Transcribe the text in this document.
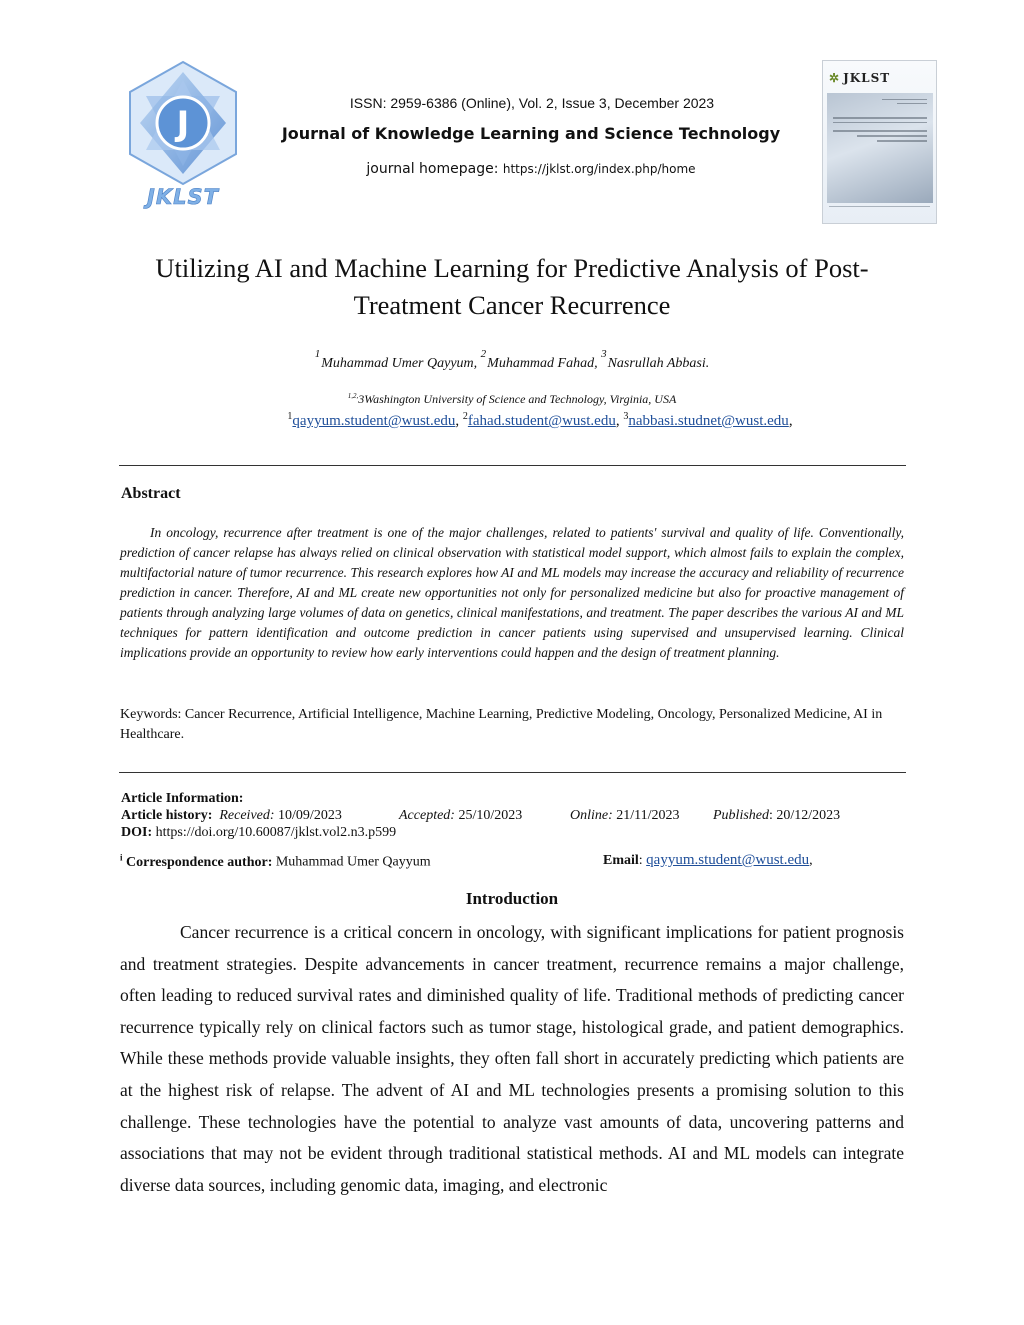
J
JKLST
ISSN: 2959-6386 (Online), Vol. 2, Issue 3, December 2023
Journal of Knowledge Learning and Science Technology
journal homepage: https://jklst.org/index.php/home
✲ JKLST
Utilizing AI and Machine Learning for Predictive Analysis of Post-
Treatment Cancer Recurrence
$^1$Muhammad Umer Qayyum, $^2$Muhammad Fahad, $^3$Nasrullah Abbasi.
$^{1,2,}$3Washington University of Science and Technology, Virginia, USA
$^1$qayyum.student@wust.edu, $^2$fahad.student@wust.edu, $^3$nabbasi.studnet@wust.edu,
Abstract
In oncology, recurrence after treatment is one of the major challenges, related to patients' survival and quality of life. Conventionally, prediction of cancer relapse has always relied on clinical observation with statistical model support, which almost fails to explain the complex, multifactorial nature of tumor recurrence. This research explores how AI and ML models may increase the accuracy and reliability of recurrence prediction in cancer. Therefore, AI and ML create new opportunities not only for personalized medicine but also for proactive management of patients through analyzing large volumes of data on genetics, clinical manifestations, and treatment. The paper describes the various AI and ML techniques for pattern identification and outcome prediction in cancer patients using supervised and unsupervised learning. Clinical implications provide an opportunity to review how early interventions could happen and the design of treatment planning.
Keywords: Cancer Recurrence, Artificial Intelligence, Machine Learning, Predictive Modeling, Oncology, Personalized Medicine, AI in Healthcare.
Article Information:
Article history: Received: 10/09/2023	Accepted: 25/10/2023	Online: 21/11/2023 Published: 20/12/2023
DOI: https://doi.org/10.60087/jklst.vol2.n3.p599
$^i$ Correspondence author: Muhammad Umer Qayyum	Email: qayyum.student@wust.edu,
Introduction
Cancer recurrence is a critical concern in oncology, with significant implications for patient prognosis and treatment strategies. Despite advancements in cancer treatment, recurrence remains a major challenge, often leading to reduced survival rates and diminished quality of life. Traditional methods of predicting cancer recurrence typically rely on clinical factors such as tumor stage, histological grade, and patient demographics. While these methods provide valuable insights, they often fall short in accurately predicting which patients are at the highest risk of relapse. The advent of AI and ML technologies presents a promising solution to this challenge. These technologies have the potential to analyze vast amounts of data, uncovering patterns and associations that may not be evident through traditional statistical methods. AI and ML models can integrate diverse data sources, including genomic data, imaging, and electronic
